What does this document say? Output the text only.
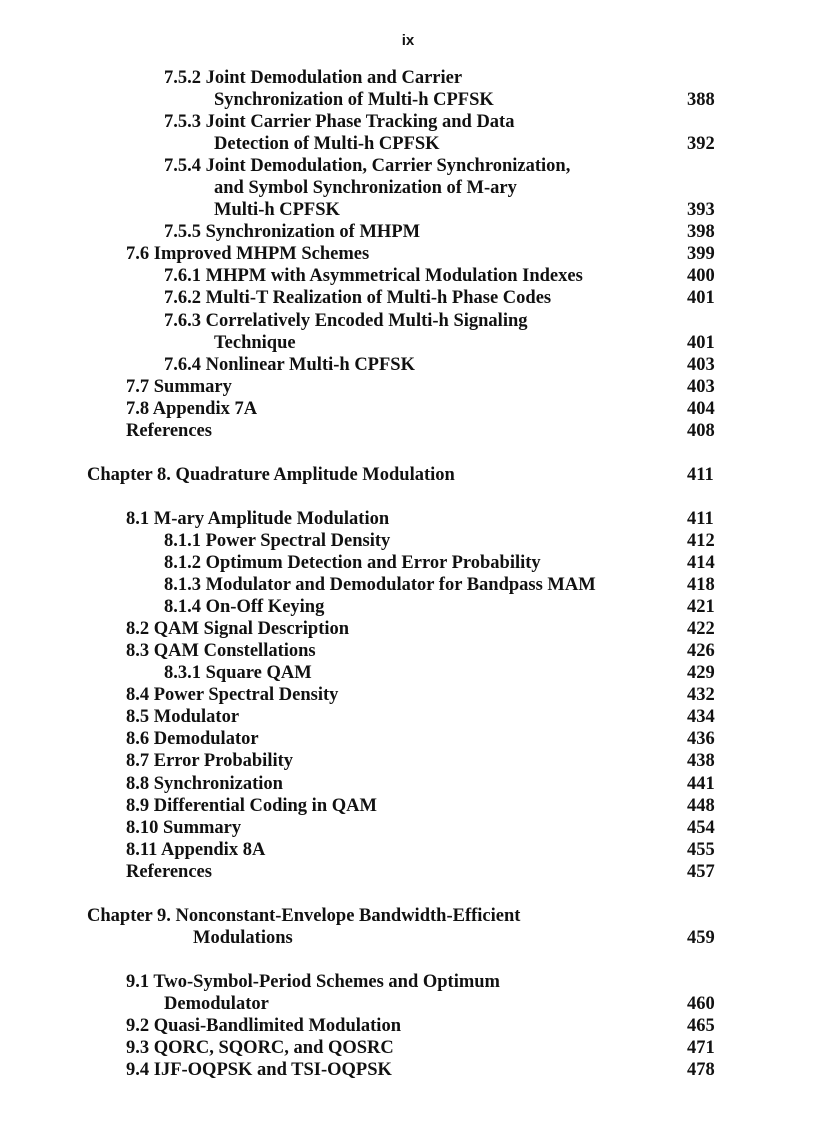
ix
7.5.2 Joint Demodulation and Carrier
Synchronization of Multi-h CPFSK	388
7.5.3 Joint Carrier Phase Tracking and Data
Detection of Multi-h CPFSK	392
7.5.4 Joint Demodulation, Carrier Synchronization,
and Symbol Synchronization of M-ary
Multi-h CPFSK	393
7.5.5 Synchronization of MHPM	398
7.6 Improved MHPM Schemes	399
7.6.1 MHPM with Asymmetrical Modulation Indexes	400
7.6.2 Multi-T Realization of Multi-h Phase Codes	401
7.6.3 Correlatively Encoded Multi-h Signaling
Technique	401
7.6.4 Nonlinear Multi-h CPFSK	403
7.7 Summary	403
7.8 Appendix 7A	404
References	408
Chapter 8. Quadrature Amplitude Modulation	411
8.1 M-ary Amplitude Modulation	411
8.1.1 Power Spectral Density	412
8.1.2 Optimum Detection and Error Probability	414
8.1.3 Modulator and Demodulator for Bandpass MAM	418
8.1.4 On-Off Keying	421
8.2 QAM Signal Description	422
8.3 QAM Constellations	426
8.3.1 Square QAM	429
8.4 Power Spectral Density	432
8.5 Modulator	434
8.6 Demodulator	436
8.7 Error Probability	438
8.8 Synchronization	441
8.9 Differential Coding in QAM	448
8.10 Summary	454
8.11 Appendix 8A	455
References	457
Chapter 9. Nonconstant-Envelope Bandwidth-Efficient
Modulations	459
9.1 Two-Symbol-Period Schemes and Optimum
Demodulator	460
9.2 Quasi-Bandlimited Modulation	465
9.3 QORC, SQORC, and QOSRC	471
9.4 IJF-OQPSK and TSI-OQPSK	478
